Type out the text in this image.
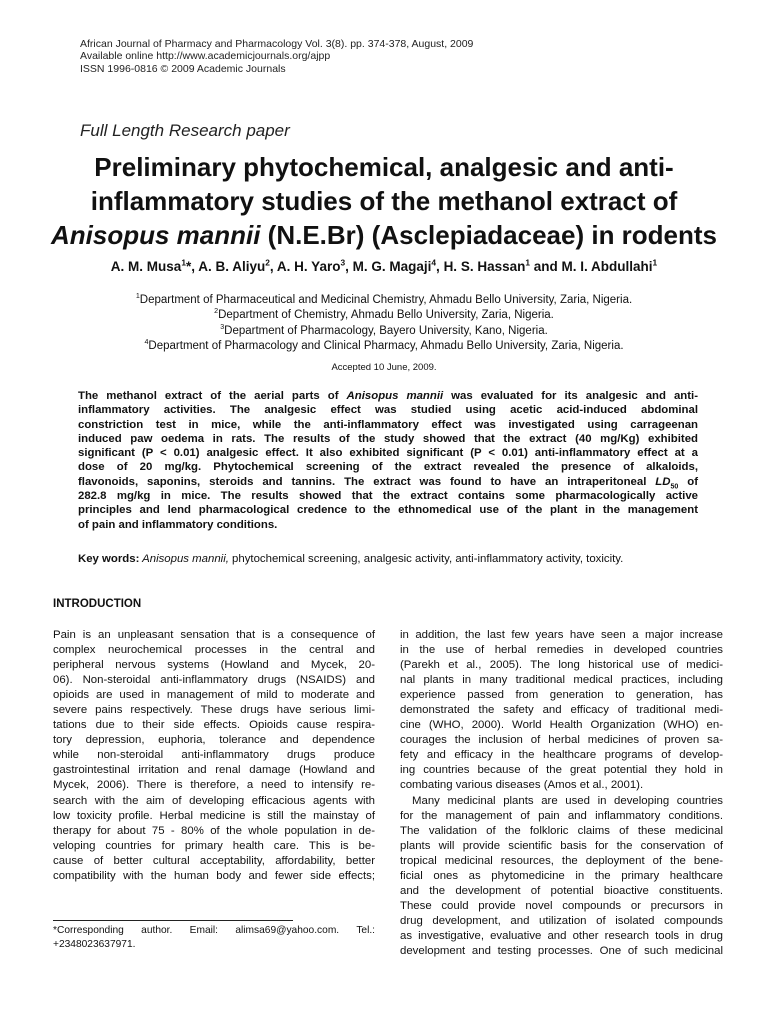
African Journal of Pharmacy and Pharmacology Vol. 3(8). pp. 374-378, August, 2009
Available online http://www.academicjournals.org/ajpp
ISSN 1996-0816 © 2009 Academic Journals
Full Length Research paper
Preliminary phytochemical, analgesic and anti-
inflammatory studies of the methanol extract of
Anisopus mannii (N.E.Br) (Asclepiadaceae) in rodents
A. M. Musa$^1$*, A. B. Aliyu$^2$, A. H. Yaro$^3$, M. G. Magaji$^4$, H. S. Hassan$^1$ and M. I. Abdullahi$^1$
$^1$Department of Pharmaceutical and Medicinal Chemistry, Ahmadu Bello University, Zaria, Nigeria.
$^2$Department of Chemistry, Ahmadu Bello University, Zaria, Nigeria.
$^3$Department of Pharmacology, Bayero University, Kano, Nigeria.
$^4$Department of Pharmacology and Clinical Pharmacy, Ahmadu Bello University, Zaria, Nigeria.
Accepted 10 June, 2009.
The methanol extract of the aerial parts of Anisopus mannii was evaluated for its analgesic and anti-
inflammatory activities. The analgesic effect was studied using acetic acid-induced abdominal
constriction test in mice, while the anti-inflammatory effect was investigated using carrageenan
induced paw oedema in rats. The results of the study showed that the extract (40 mg/Kg) exhibited
significant (P < 0.01) analgesic effect. It also exhibited significant (P < 0.01) anti-inflammatory effect at a
dose of 20 mg/kg. Phytochemical screening of the extract revealed the presence of alkaloids,
flavonoids, saponins, steroids and tannins. The extract was found to have an intraperitoneal $LD_{50}$ of
282.8 mg/kg in mice. The results showed that the extract contains some pharmacologically active
principles and lend pharmacological credence to the ethnomedical use of the plant in the management
of pain and inflammatory conditions.
Key words: Anisopus mannii, phytochemical screening, analgesic activity, anti-inflammatory activity, toxicity.
INTRODUCTION
Pain is an unpleasant sensation that is a consequence of
complex neurochemical processes in the central and
peripheral nervous systems (Howland and Mycek, 20-
06). Non-steroidal anti-inflammatory drugs (NSAIDS) and
opioids are used in management of mild to moderate and
severe pains respectively. These drugs have serious limi-
tations due to their side effects. Opioids cause respira-
tory depression, euphoria, tolerance and dependence
while non-steroidal anti-inflammatory drugs produce
gastrointestinal irritation and renal damage (Howland and
Mycek, 2006). There is therefore, a need to intensify re-
search with the aim of developing efficacious agents with
low toxicity profile. Herbal medicine is still the mainstay of
therapy for about 75 - 80% of the whole population in de-
veloping countries for primary health care. This is be-
cause of better cultural acceptability, affordability, better
compatibility with the human body and fewer side effects;
in addition, the last few years have seen a major increase
in the use of herbal remedies in developed countries
(Parekh et al., 2005). The long historical use of medici-
nal plants in many traditional medical practices, including
experience passed from generation to generation, has
demonstrated the safety and efficacy of traditional medi-
cine (WHO, 2000). World Health Organization (WHO) en-
courages the inclusion of herbal medicines of proven sa-
fety and efficacy in the healthcare programs of develop-
ing countries because of the great potential they hold in
combating various diseases (Amos et al., 2001).
Many medicinal plants are used in developing countries
for the management of pain and inflammatory conditions.
The validation of the folkloric claims of these medicinal
plants will provide scientific basis for the conservation of
tropical medicinal resources, the deployment of the bene-
ficial ones as phytomedicine in the primary healthcare
and the development of potential bioactive constituents.
These could provide novel compounds or precursors in
drug development, and utilization of isolated compounds
as investigative, evaluative and other research tools in drug
development and testing processes. One of such medicinal
*Corresponding author. Email: alimsa69@yahoo.com. Tel.:
+2348023637971.
